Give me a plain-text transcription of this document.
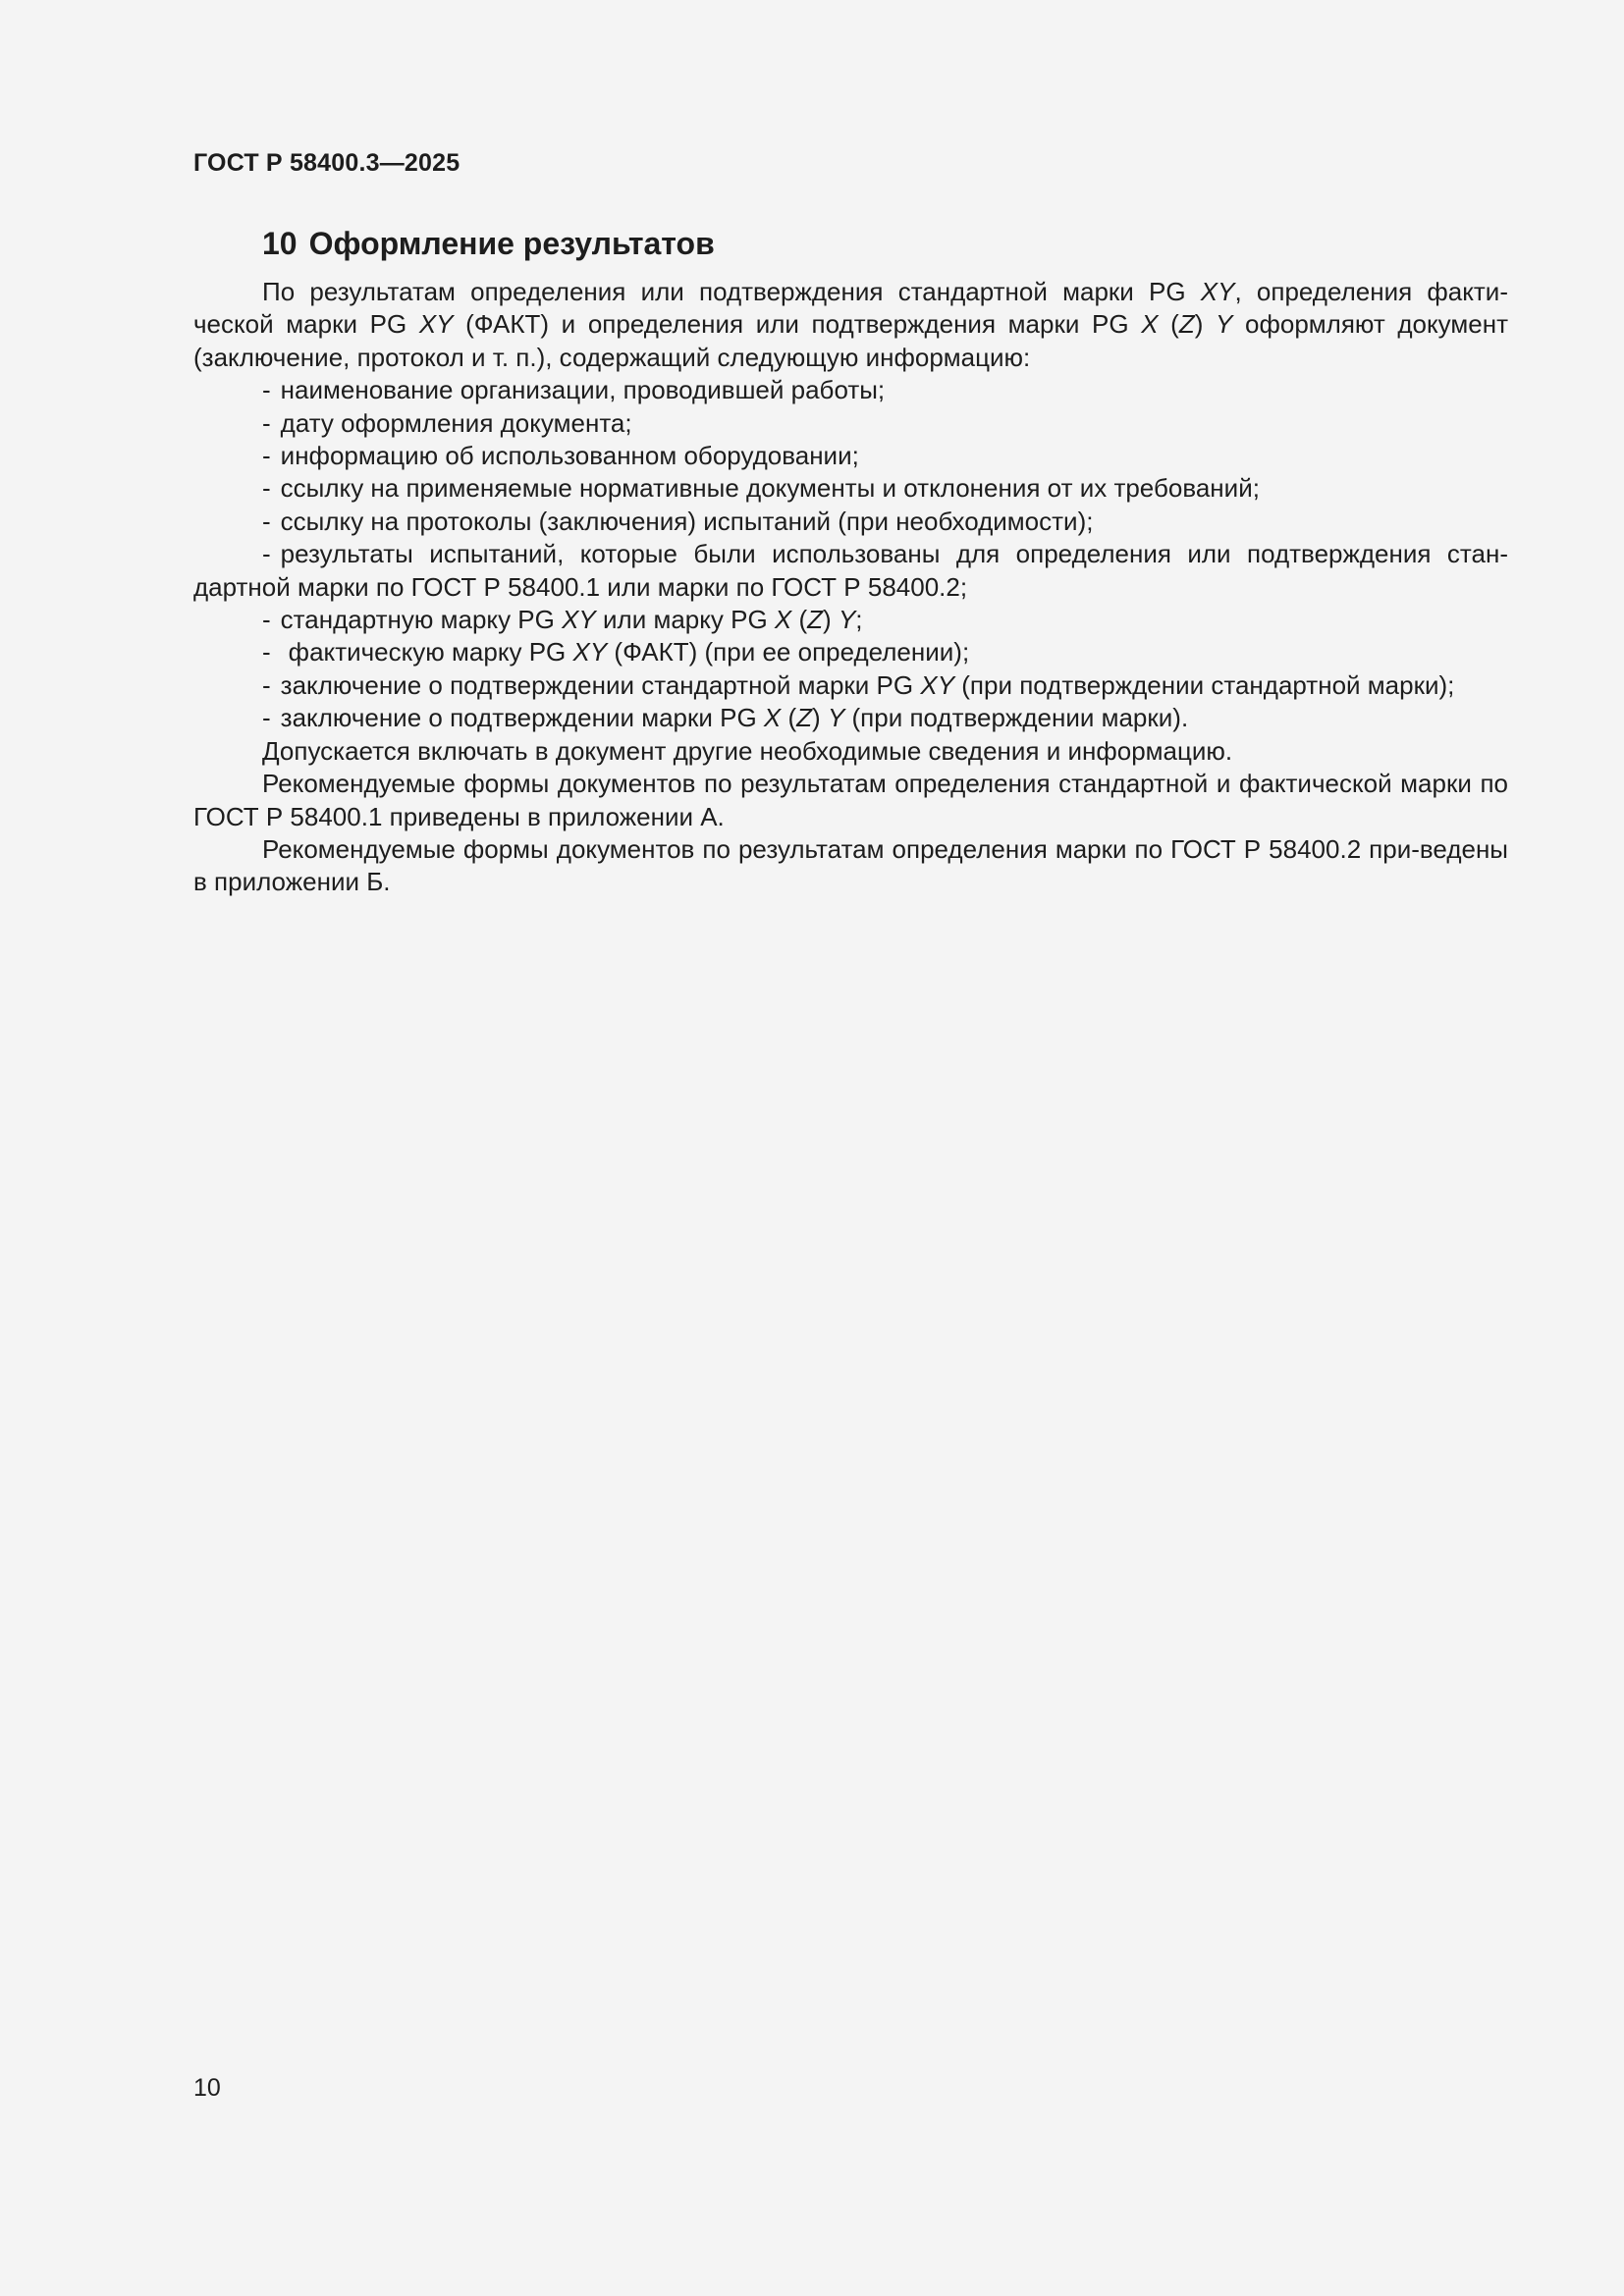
ГОСТ Р 58400.3—2025
10 Оформление результатов

По результатам определения или подтверждения стандартной марки PG XY, определения факти-ческой марки PG XY (ФАКТ) и определения или подтверждения марки PG X (Z) Y оформляют документ (заключение, протокол и т. п.), содержащий следующую информацию:

- наименование организации, проводившей работы;

- дату оформления документа;

- информацию об использованном оборудовании;

- ссылку на применяемые нормативные документы и отклонения от их требований;

- ссылку на протоколы (заключения) испытаний (при необходимости);

- результаты испытаний, которые были использованы для определения или подтверждения стан-дартной марки по ГОСТ Р 58400.1 или марки по ГОСТ Р 58400.2;

- стандартную марку PG XY или марку PG X (Z) Y;

- фактическую марку PG XY (ФАКТ) (при ее определении);

- заключение о подтверждении стандартной марки PG XY (при подтверждении стандартной марки);

- заключение о подтверждении марки PG X (Z) Y (при подтверждении марки).

Допускается включать в документ другие необходимые сведения и информацию.

Рекомендуемые формы документов по результатам определения стандартной и фактической марки по ГОСТ Р 58400.1 приведены в приложении А.

Рекомендуемые формы документов по результатам определения марки по ГОСТ Р 58400.2 при-ведены в приложении Б.

10
